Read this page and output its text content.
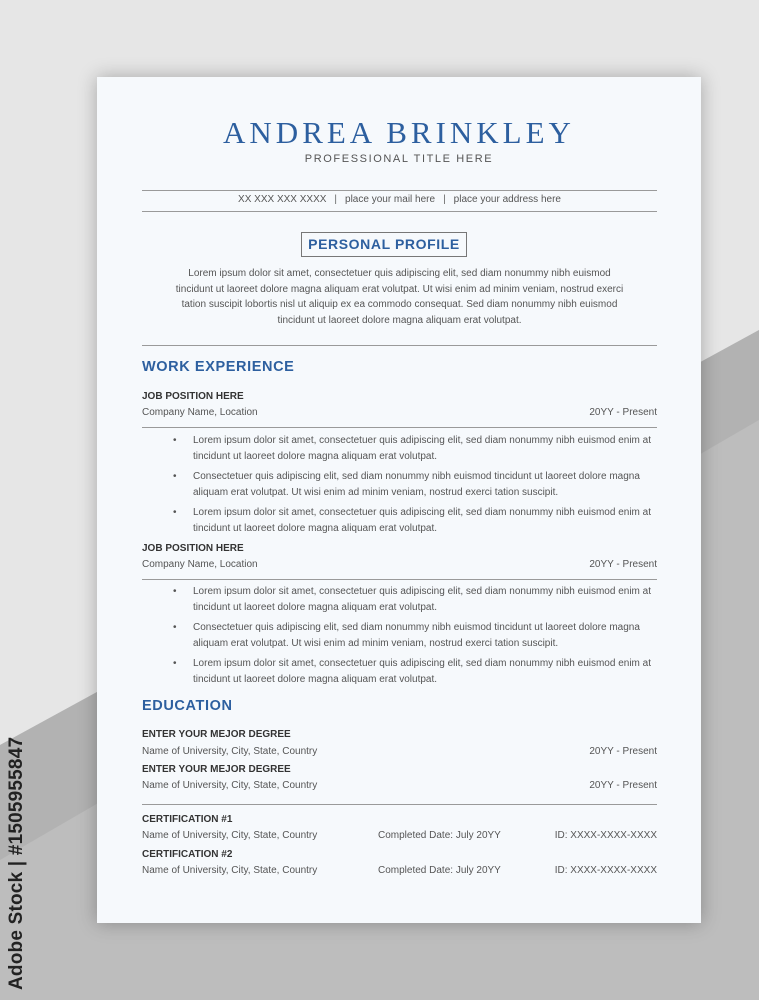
Adobe Stock | #1505955847
ANDREA BRINKLEY
PROFESSIONAL TITLE HERE
XX XXX XXX XXXX | place your mail here | place your address here
PERSONAL PROFILE
Lorem ipsum dolor sit amet, consectetuer quis adipiscing elit, sed diam nonummy nibh euismod
tincidunt ut laoreet dolore magna aliquam erat volutpat. Ut wisi enim ad minim veniam, nostrud exerci
tation suscipit lobortis nisl ut aliquip ex ea commodo consequat. Sed diam nonummy nibh euismod
tincidunt ut laoreet dolore magna aliquam erat volutpat.
WORK EXPERIENCE
JOB POSITION HERE
Company Name, Location	20YY - Present
• Lorem ipsum dolor sit amet, consectetuer quis adipiscing elit, sed diam nonummy nibh euismod enim at tincidunt ut laoreet dolore magna aliquam erat volutpat.
• Consectetuer quis adipiscing elit, sed diam nonummy nibh euismod tincidunt ut laoreet dolore magna aliquam erat volutpat. Ut wisi enim ad minim veniam, nostrud exerci tation suscipit.
• Lorem ipsum dolor sit amet, consectetuer quis adipiscing elit, sed diam nonummy nibh euismod enim at tincidunt ut laoreet dolore magna aliquam erat volutpat.
JOB POSITION HERE
Company Name, Location	20YY - Present
• Lorem ipsum dolor sit amet, consectetuer quis adipiscing elit, sed diam nonummy nibh euismod enim at tincidunt ut laoreet dolore magna aliquam erat volutpat.
• Consectetuer quis adipiscing elit, sed diam nonummy nibh euismod tincidunt ut laoreet dolore magna aliquam erat volutpat. Ut wisi enim ad minim veniam, nostrud exerci tation suscipit.
• Lorem ipsum dolor sit amet, consectetuer quis adipiscing elit, sed diam nonummy nibh euismod enim at tincidunt ut laoreet dolore magna aliquam erat volutpat.
EDUCATION
ENTER YOUR MEJOR DEGREE
Name of University, City, State, Country	20YY - Present
ENTER YOUR MEJOR DEGREE
Name of University, City, State, Country	20YY - Present
CERTIFICATION #1
Name of University, City, State, Country	Completed Date: July 20YY	ID: XXXX-XXXX-XXXX
CERTIFICATION #2
Name of University, City, State, Country	Completed Date: July 20YY	ID: XXXX-XXXX-XXXX
